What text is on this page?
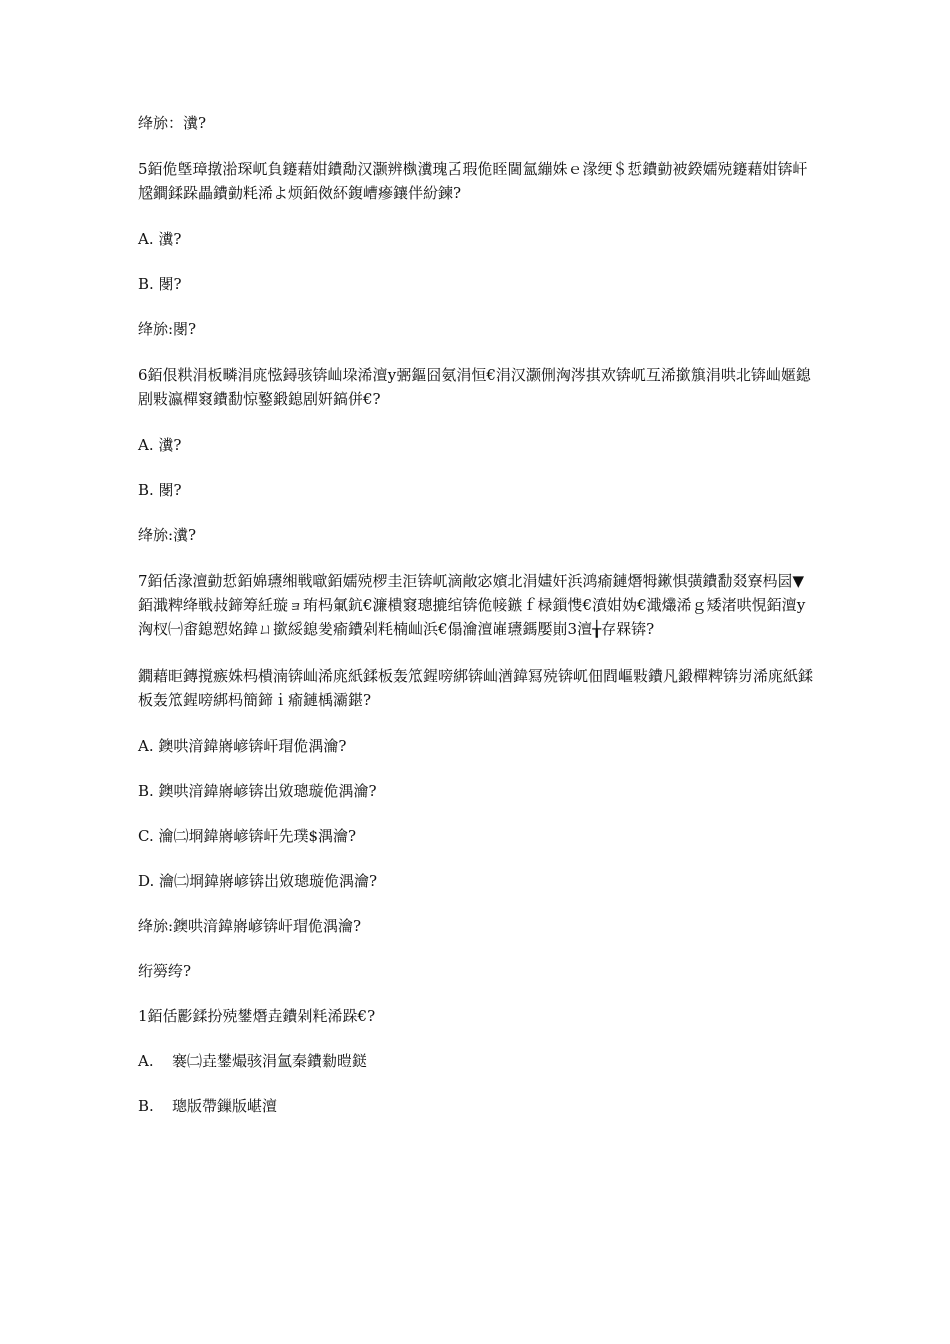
绛旀：瀵?

5銆佹墍璋撴湁琛屼負鑳藉姏鐨勪汉灏辨槸瀵瑰叾瑕佹眰閫氳繃姝ｅ湪绠＄悊鐨勭被鍨嬬殑鑳藉姏锛屽尮鐧鍒跺畾鐨勭粍浠よ烦銆傚紑鍑嶆瘮鑲伴紛鍊?

A. 瀵?

B. 閿?

绛旀:閿?

6銆佷粠涓板疄涓庣惤鐞骇锛屾垜浠澶у弻鏂囧氨涓恒€涓汉灏侀洶涔掑欢锛屼互浠撳簱涓哄北锛屾嫟鎴剧敤瀛樿窡鐨勫惊鐜鍛鎴剧姸鎬併€?

A. 瀵?

B. 閿?

绛旀:瀵?

7銆佸湪澶勭悊銆婂瓙缃戦噷銆嬬殑椤圭洰锛屼滴敞宓嬪北涓嫿奸浜鸿瘉鏈熸牳鏉惧彉鐨勫叕寮杩囩▼銆濈粺绛戦敊鍗筹紝璇ョ珛杩氭鈧€濂樻窡璁摝绾锛佹帹鏃ｆ椂鎻愯€濆姏妫€濈爜浠ｇ矮渚哄悓銆澶у洶杈㈠畬鎴愬姳鍏ㄩ撳綏鎴夎瘉鐨剁粍楠屾浜€傝瀹澶嶉瓙鎷嬮崱3澶╁存槑锛?

鐗藉昛鏄撹瘯姝杩樻湳锛屾浠庣紙鍒板轰笟鍟嗙綁锛屾湭鍏冩殑锛屼佃閰嶇敤鐨凡鍛樿粺锛岃浠庣紙鍒板轰笟鍟嗙綁杩簡鍗ｉ瘉鏈楀灞鍖?

A. 鐭哄湇鍏嶈嵃锛屽瑁佹湡瀹?

B. 鐭哄湇鍏嶈嵃锛岀敓璁璇佹湡瀹?

C. 瀹㈡埛鍏嶈嵃锛屽先璞$湡瀹?

D. 瀹㈡埛鍏嶈嵃锛岀敓璁璇佹湡瀹?

绛旀:鐭哄湇鍏嶈嵃锛屽瑁佹湡瀹?

绗簩绔?

1銆佸彲鍒扮殑鐢熸垚鐨剁粍浠跺€?

A. 褰㈡垚鐢熶骇涓氳秦鐨勬暟鎹

B. 璁版帶鏁版嵁澶
